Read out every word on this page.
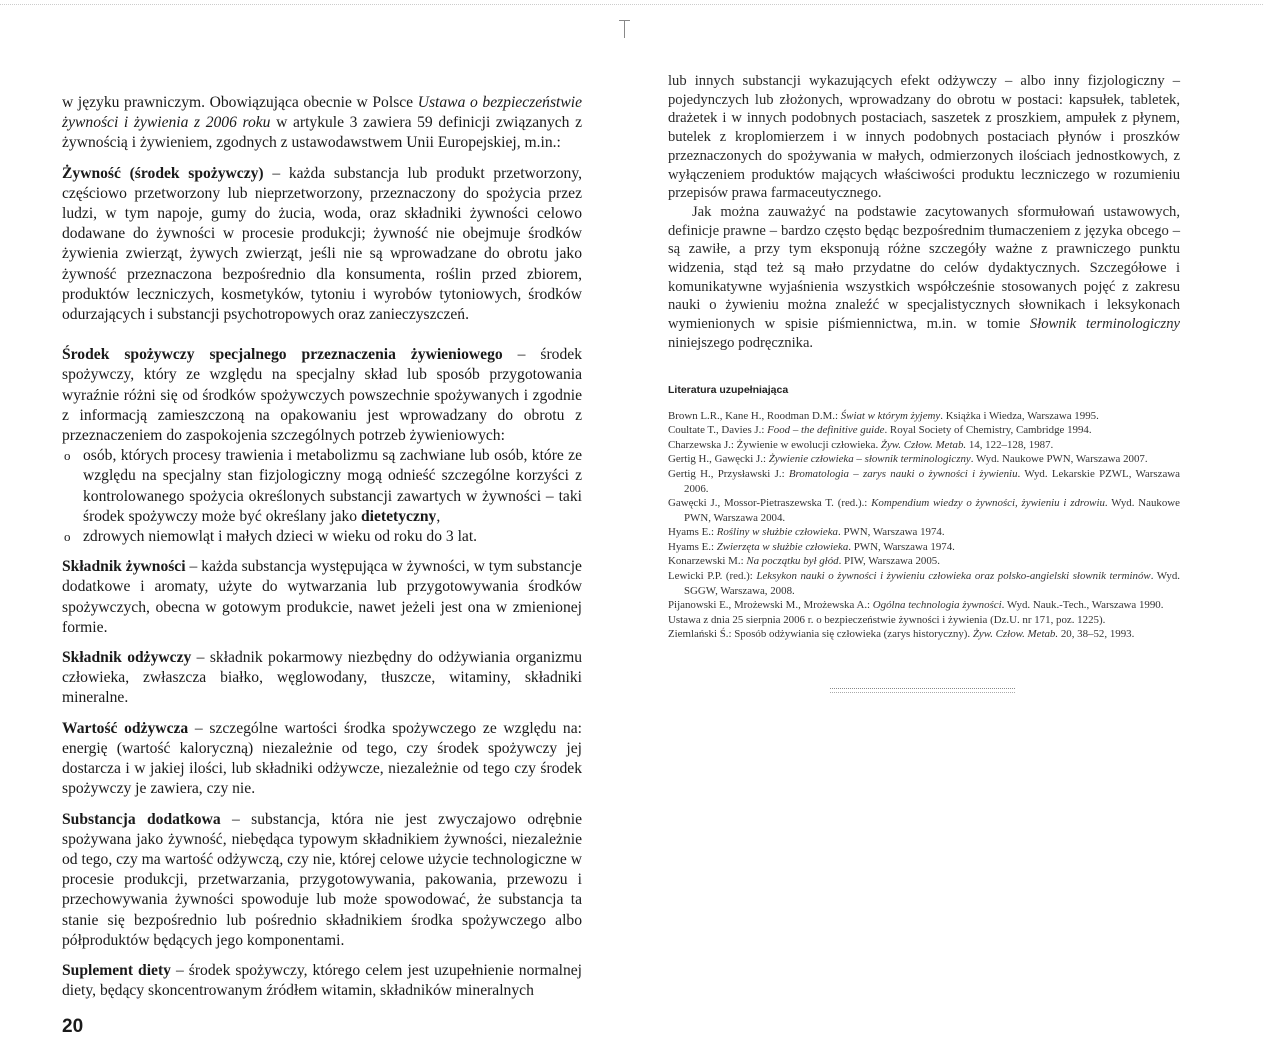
w języku prawniczym. Obowiązująca obecnie w Polsce Ustawa o bezpieczeństwie żywności i żywienia z 2006 roku w artykule 3 zawiera 59 definicji związanych z żywnością i żywieniem, zgodnych z ustawodawstwem Unii Europejskiej, m.in.:

Żywność (środek spożywczy) – każda substancja lub produkt przetworzony, częściowo przetworzony lub nieprzetworzony, przeznaczony do spożycia przez ludzi, w tym napoje, gumy do żucia, woda, oraz składniki żywności celowo dodawane do żywności w procesie produkcji; żywność nie obejmuje środków żywienia zwierząt, żywych zwierząt, jeśli nie są wprowadzane do obrotu jako żywność przeznaczona bezpośrednio dla konsumenta, roślin przed zbiorem, produktów leczniczych, kosmetyków, tytoniu i wyrobów tytoniowych, środków odurzających i substancji psychotropowych oraz zanieczyszczeń.

Środek spożywczy specjalnego przeznaczenia żywieniowego – środek spożywczy, który ze względu na specjalny skład lub sposób przygotowania wyraźnie różni się od środków spożywczych powszechnie spożywanych i zgodnie z informacją zamieszczoną na opakowaniu jest wprowadzany do obrotu z przeznaczeniem do zaspokojenia szczególnych potrzeb żywieniowych:

o osób, których procesy trawienia i metabolizmu są zachwiane lub osób, które ze względu na specjalny stan fizjologiczny mogą odnieść szczególne korzyści z kontrolowanego spożycia określonych substancji zawartych w żywności – taki środek spożywczy może być określany jako dietetyczny,
o zdrowych niemowląt i małych dzieci w wieku od roku do 3 lat.

Składnik żywności – każda substancja występująca w żywności, w tym substancje dodatkowe i aromaty, użyte do wytwarzania lub przygotowywania środków spożywczych, obecna w gotowym produkcie, nawet jeżeli jest ona w zmienionej formie.

Składnik odżywczy – składnik pokarmowy niezbędny do odżywiania organizmu człowieka, zwłaszcza białko, węglowodany, tłuszcze, witaminy, składniki mineralne.

Wartość odżywcza – szczególne wartości środka spożywczego ze względu na: energię (wartość kaloryczną) niezależnie od tego, czy środek spożywczy jej dostarcza i w jakiej ilości, lub składniki odżywcze, niezależnie od tego czy środek spożywczy je zawiera, czy nie.

Substancja dodatkowa – substancja, która nie jest zwyczajowo odrębnie spożywana jako żywność, niebędąca typowym składnikiem żywności, niezależnie od tego, czy ma wartość odżywczą, czy nie, której celowe użycie technologiczne w procesie produkcji, przetwarzania, przygotowywania, pakowania, przewozu i przechowywania żywności spowoduje lub może spowodować, że substancja ta stanie się bezpośrednio lub pośrednio składnikiem środka spożywczego albo półproduktów będących jego komponentami.

Suplement diety – środek spożywczy, którego celem jest uzupełnienie normalnej diety, będący skoncentrowanym źródłem witamin, składników mineralnych

20

lub innych substancji wykazujących efekt odżywczy – albo inny fizjologiczny – pojedynczych lub złożonych, wprowadzany do obrotu w postaci: kapsułek, tabletek, drażetek i w innych podobnych postaciach, saszetek z proszkiem, ampułek z płynem, butelek z kroplomierzem i w innych podobnych postaciach płynów i proszków przeznaczonych do spożywania w małych, odmierzonych ilościach jednostkowych, z wyłączeniem produktów mających właściwości produktu leczniczego w rozumieniu przepisów prawa farmaceutycznego.

Jak można zauważyć na podstawie zacytowanych sformułowań ustawowych, definicje prawne – bardzo często będąc bezpośrednim tłumaczeniem z języka obcego – są zawiłe, a przy tym eksponują różne szczegóły ważne z prawniczego punktu widzenia, stąd też są mało przydatne do celów dydaktycznych. Szczegółowe i komunikatywne wyjaśnienia wszystkich współcześnie stosowanych pojęć z zakresu nauki o żywieniu można znaleźć w specjalistycznych słownikach i leksykonach wymienionych w spisie piśmiennictwa, m.in. w tomie Słownik terminologiczny niniejszego podręcznika.

Literatura uzupełniająca
Brown L.R., Kane H., Roodman D.M.: Świat w którym żyjemy. Książka i Wiedza, Warszawa 1995.
Coultate T., Davies J.: Food – the definitive guide. Royal Society of Chemistry, Cambridge 1994.
Charzewska J.: Żywienie w ewolucji człowieka. Żyw. Człow. Metab. 14, 122–128, 1987.
Gertig H., Gawęcki J.: Żywienie człowieka – słownik terminologiczny. Wyd. Naukowe PWN, Warszawa 2007.
Gertig H., Przysławski J.: Bromatologia – zarys nauki o żywności i żywieniu. Wyd. Lekarskie PZWL, Warszawa 2006.
Gawęcki J., Mossor-Pietraszewska T. (red.).: Kompendium wiedzy o żywności, żywieniu i zdrowiu. Wyd. Naukowe PWN, Warszawa 2004.
Hyams E.: Rośliny w służbie człowieka. PWN, Warszawa 1974.
Hyams E.: Zwierzęta w służbie człowieka. PWN, Warszawa 1974.
Konarzewski M.: Na początku był głód. PIW, Warszawa 2005.
Lewicki P.P. (red.): Leksykon nauki o żywności i żywieniu człowieka oraz polsko-angielski słownik terminów. Wyd. SGGW, Warszawa, 2008.
Pijanowski E., Mrożewski M., Mrożewska A.: Ogólna technologia żywności. Wyd. Nauk.-Tech., Warszawa 1990.
Ustawa z dnia 25 sierpnia 2006 r. o bezpieczeństwie żywności i żywienia (Dz.U. nr 171, poz. 1225).
Ziemlański Ś.: Sposób odżywiania się człowieka (zarys historyczny). Żyw. Człow. Metab. 20, 38–52, 1993.
